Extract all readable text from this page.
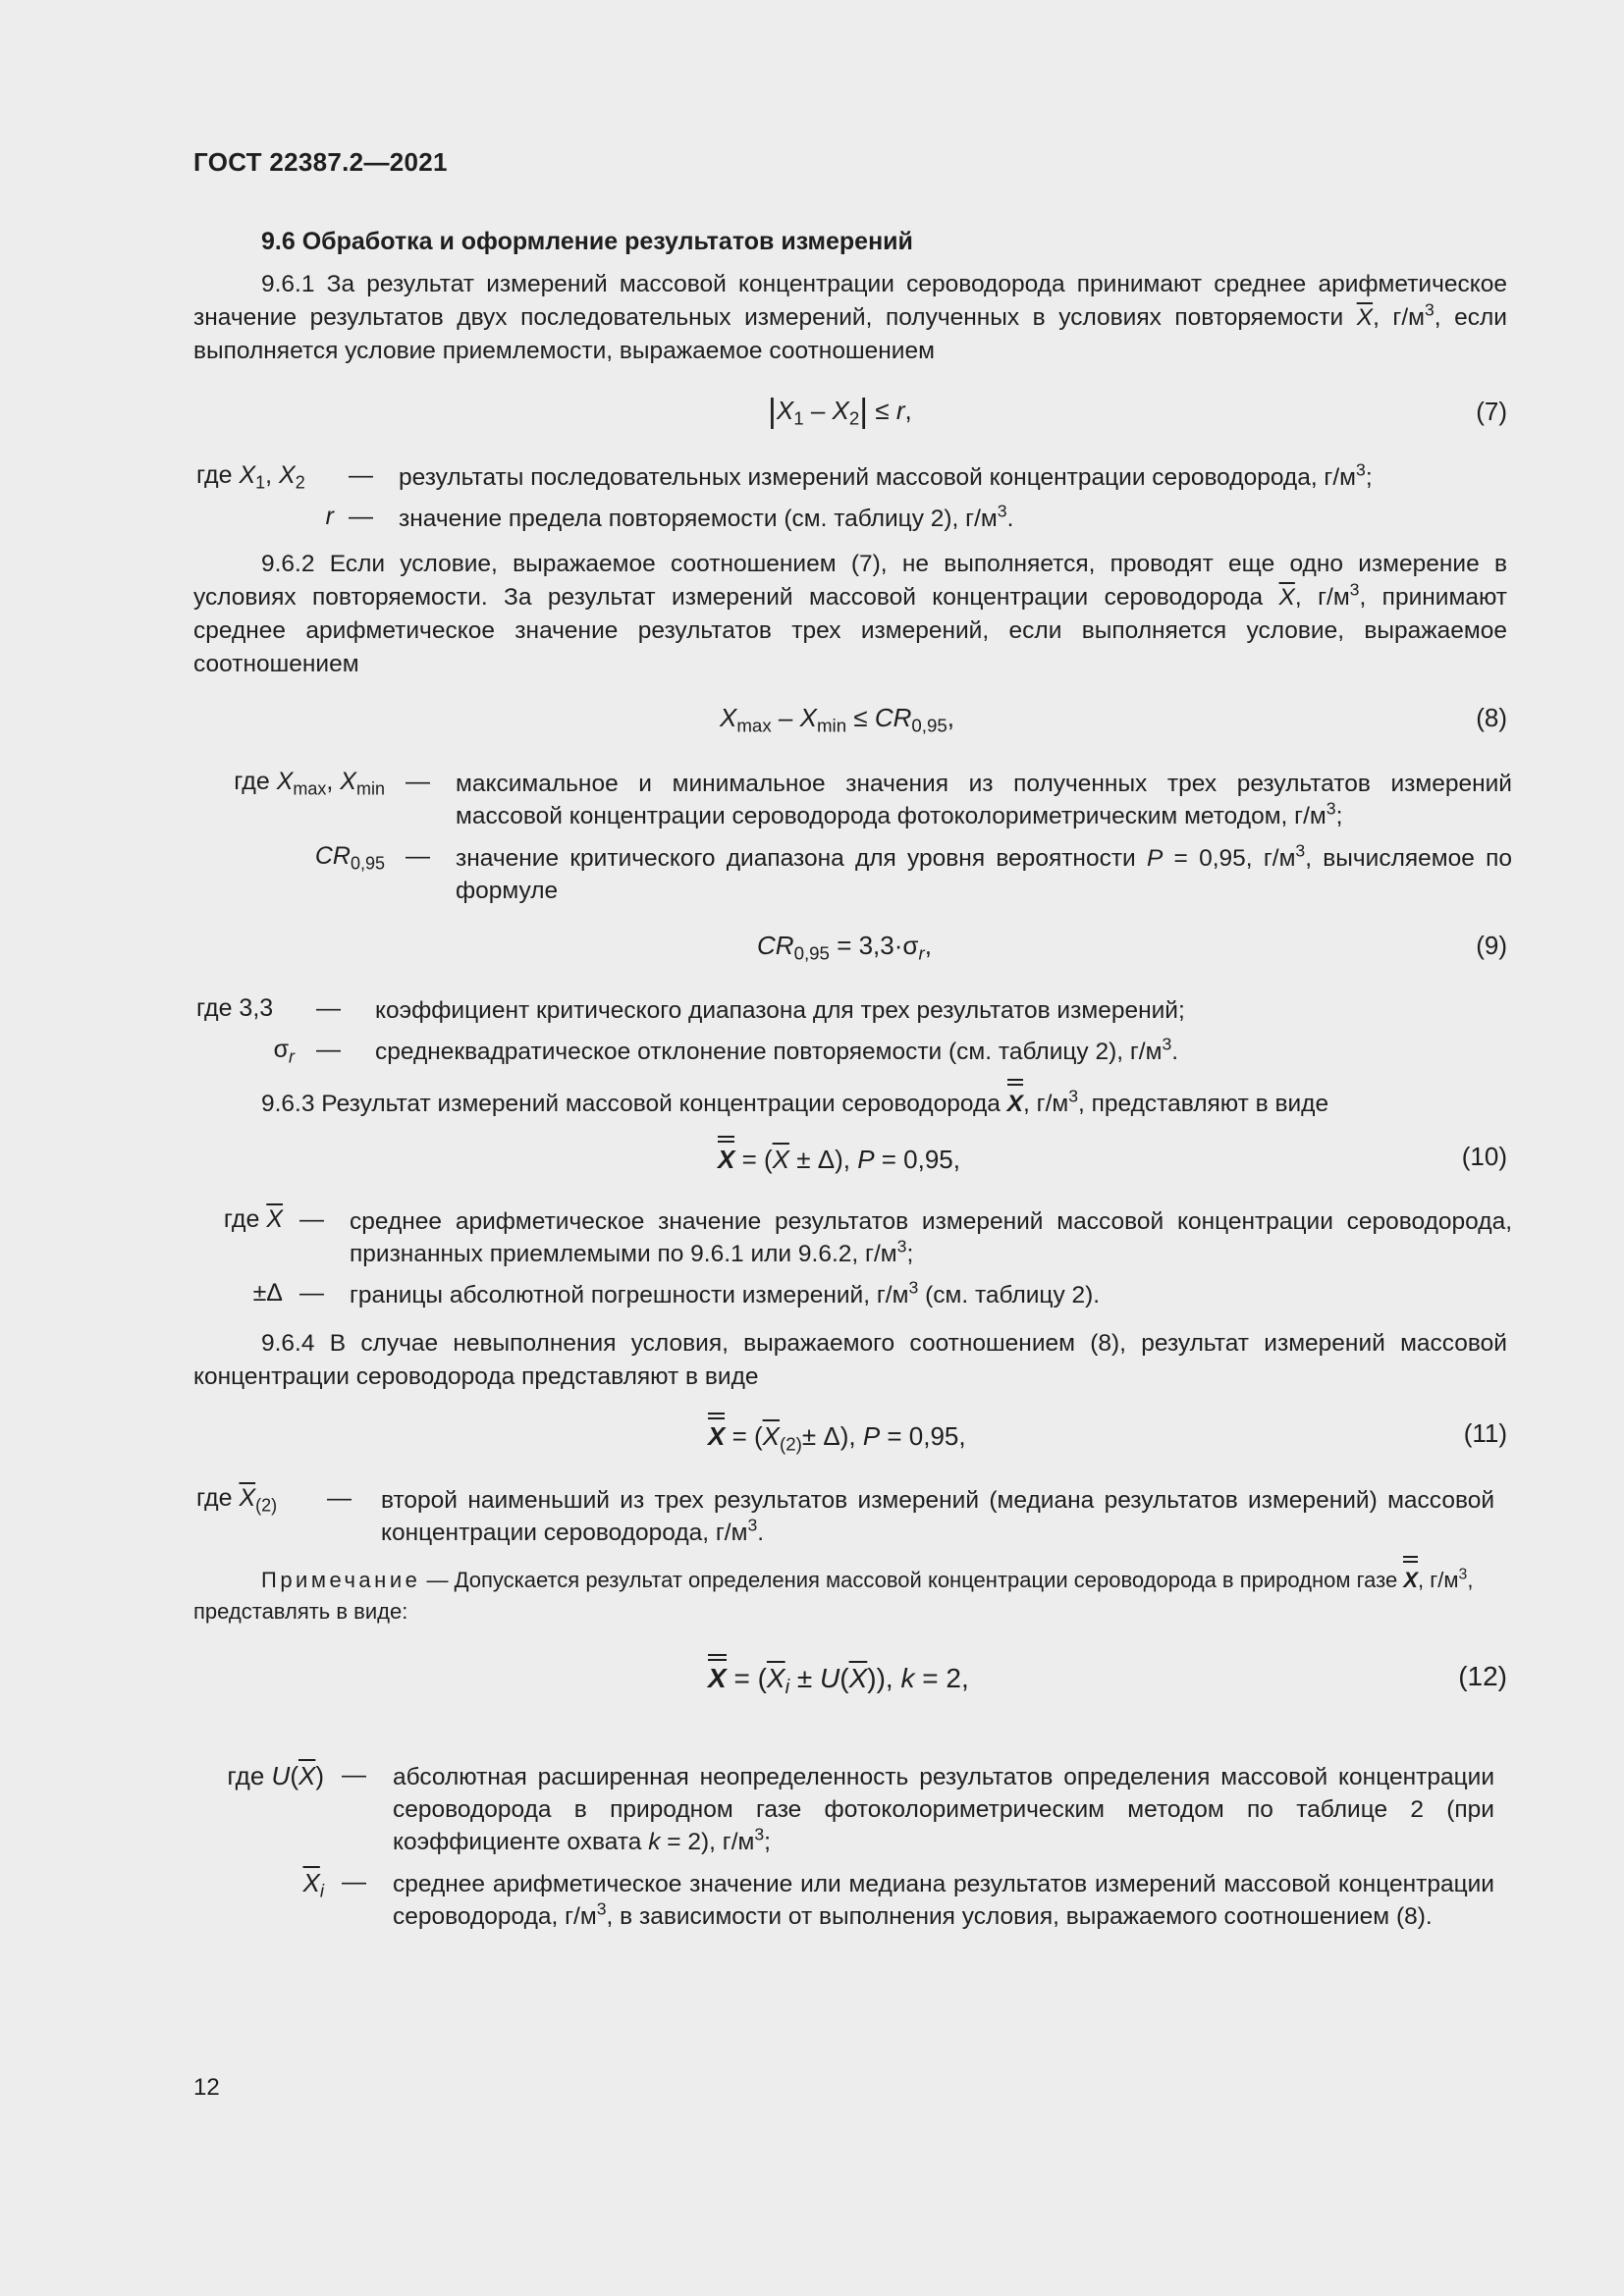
ГОСТ 22387.2—2021
9.6 Обработка и оформление результатов измерений
9.6.1 За результат измерений массовой концентрации сероводорода принимают среднее арифметическое значение результатов двух последовательных измерений, полученных в условиях повторяемости $\overline{X}$, $г/м^3$, если выполняется условие приемлемости, выражаемое соотношением
$|X_1 - X_2| \le r$,	(7)
где $X_1$, $X_2$	— результаты последовательных измерений массовой концентрации сероводорода, $г/м^3$;
r — значение предела повторяемости (см. таблицу 2), $г/м^3$.
9.6.2 Если условие, выражаемое соотношением (7), не выполняется, проводят еще одно измерение в условиях повторяемости. За результат измерений массовой концентрации сероводорода $\overline{X}$, $г/м^3$, принимают среднее арифметическое значение результатов трех измерений, если выполняется условие, выражаемое соотношением
$X_{max} - X_{min} \le CR_{0,95}$,	(8)
где $X_{max}$, $X_{min}$ — максимальное и минимальное значения из полученных трех результатов измерений массовой концентрации сероводорода фотоколориметрическим методом, $г/м^3$;
$CR_{0,95}$ — значение критического диапазона для уровня вероятности P = 0,95, $г/м^3$, вычисляемое по формуле
$CR_{0,95} = 3,3\cdot\sigma_r$,	(9)
где 3,3	— коэффициент критического диапазона для трех результатов измерений;
$\sigma_r$ — среднеквадратическое отклонение повторяемости (см. таблицу 2), $г/м^3$.
9.6.3 Результат измерений массовой концентрации сероводорода X, $г/м^3$, представляют в виде
$X = (\overline{X} \pm \Delta)$, P = 0,95,	(10)
где $\overline{X}$ — среднее арифметическое значение результатов измерений массовой концентрации сероводорода, признанных приемлемыми по 9.6.1 или 9.6.2, $г/м^3$;
±Δ — границы абсолютной погрешности измерений, $г/м^3$ (см. таблицу 2).
9.6.4 В случае невыполнения условия, выражаемого соотношением (8), результат измерений массовой концентрации сероводорода представляют в виде
$X = (\overline{X}_{(2)}\pm \Delta)$, P = 0,95,	(11)
где $\overline{X}_{(2)}$	— второй наименьший из трех результатов измерений (медиана результатов измерений) массовой концентрации сероводорода, $г/м^3$.
Примечание — Допускается результат определения массовой концентрации сероводорода в природном газе X, $г/м^3$, представлять в виде:
$X = (\overline{X}_i \pm U(\overline{X}))$, k = 2,	(12)
где $U(\overline{X})$ — абсолютная расширенная неопределенность результатов определения массовой концентрации сероводорода в природном газе фотоколориметрическим методом по таблице 2 (при коэффициенте охвата k = 2), $г/м^3$;
$\overline{X}_i$ — среднее арифметическое значение или медиана результатов измерений массовой концентрации сероводорода, $г/м^3$, в зависимости от выполнения условия, выражаемого соотношением (8).
12
